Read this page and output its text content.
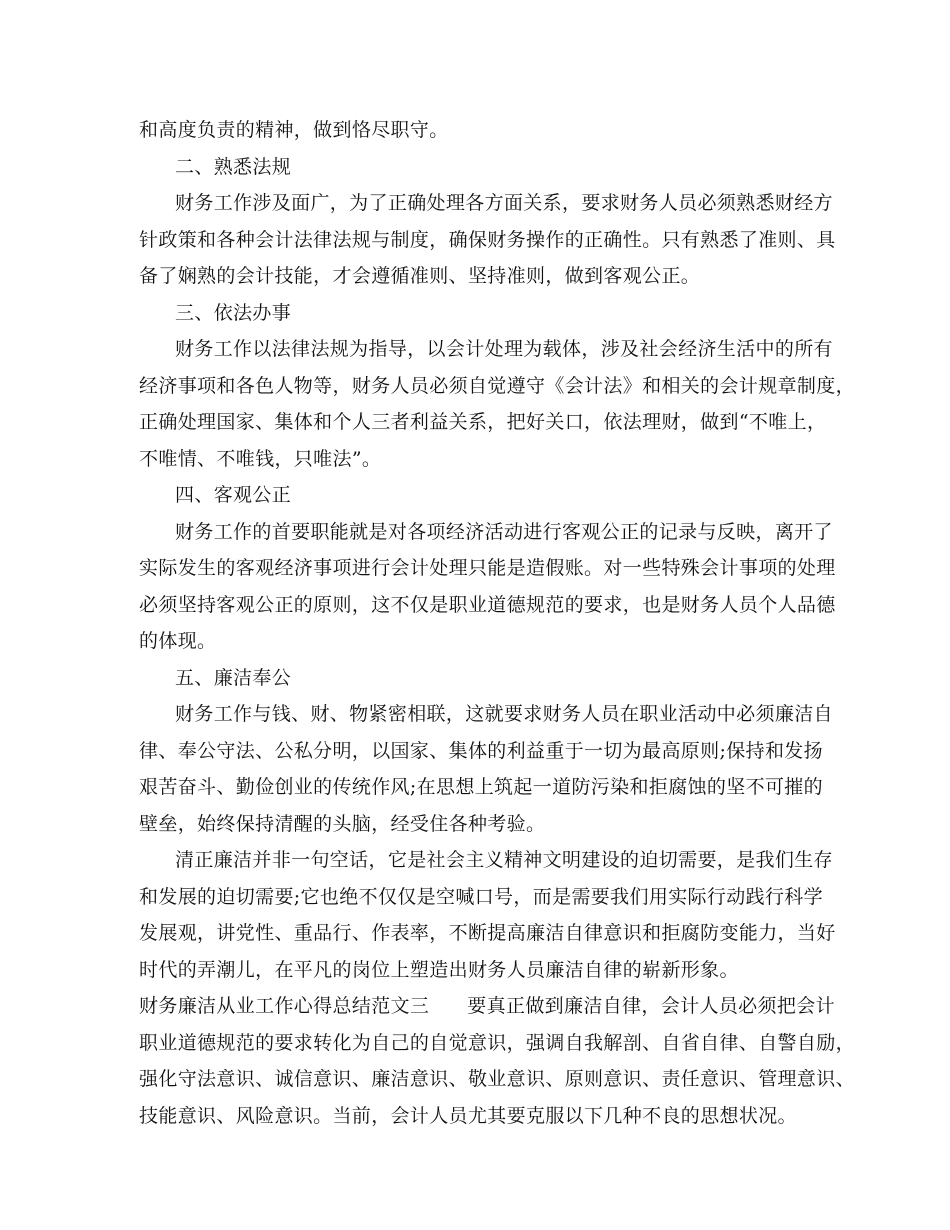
和高度负责的精神，做到恪尽职守。
二、熟悉法规
财务工作涉及面广，为了正确处理各方面关系，要求财务人员必须熟悉财经方
针政策和各种会计法律法规与制度，确保财务操作的正确性。只有熟悉了准则、具
备了娴熟的会计技能，才会遵循准则、坚持准则，做到客观公正。
三、依法办事
财务工作以法律法规为指导，以会计处理为载体，涉及社会经济生活中的所有
经济事项和各色人物等，财务人员必须自觉遵守《会计法》和相关的会计规章制度，
正确处理国家、集体和个人三者利益关系，把好关口，依法理财，做到“不唯上，
不唯情、不唯钱，只唯法”。
四、客观公正
财务工作的首要职能就是对各项经济活动进行客观公正的记录与反映，离开了
实际发生的客观经济事项进行会计处理只能是造假账。对一些特殊会计事项的处理
必须坚持客观公正的原则，这不仅是职业道德规范的要求，也是财务人员个人品德
的体现。
五、廉洁奉公
财务工作与钱、财、物紧密相联，这就要求财务人员在职业活动中必须廉洁自
律、奉公守法、公私分明，以国家、集体的利益重于一切为最高原则;保持和发扬
艰苦奋斗、勤俭创业的传统作风;在思想上筑起一道防污染和拒腐蚀的坚不可摧的
壁垒，始终保持清醒的头脑，经受住各种考验。
清正廉洁并非一句空话，它是社会主义精神文明建设的迫切需要，是我们生存
和发展的迫切需要;它也绝不仅仅是空喊口号，而是需要我们用实际行动践行科学
发展观，讲党性、重品行、作表率，不断提高廉洁自律意识和拒腐防变能力，当好
时代的弄潮儿，在平凡的岗位上塑造出财务人员廉洁自律的崭新形象。
财务廉洁从业工作心得总结范文三 要真正做到廉洁自律，会计人员必须把会计
职业道德规范的要求转化为自己的自觉意识，强调自我解剖、自省自律、自警自励，
强化守法意识、诚信意识、廉洁意识、敬业意识、原则意识、责任意识、管理意识、
技能意识、风险意识。当前，会计人员尤其要克服以下几种不良的思想状况。
